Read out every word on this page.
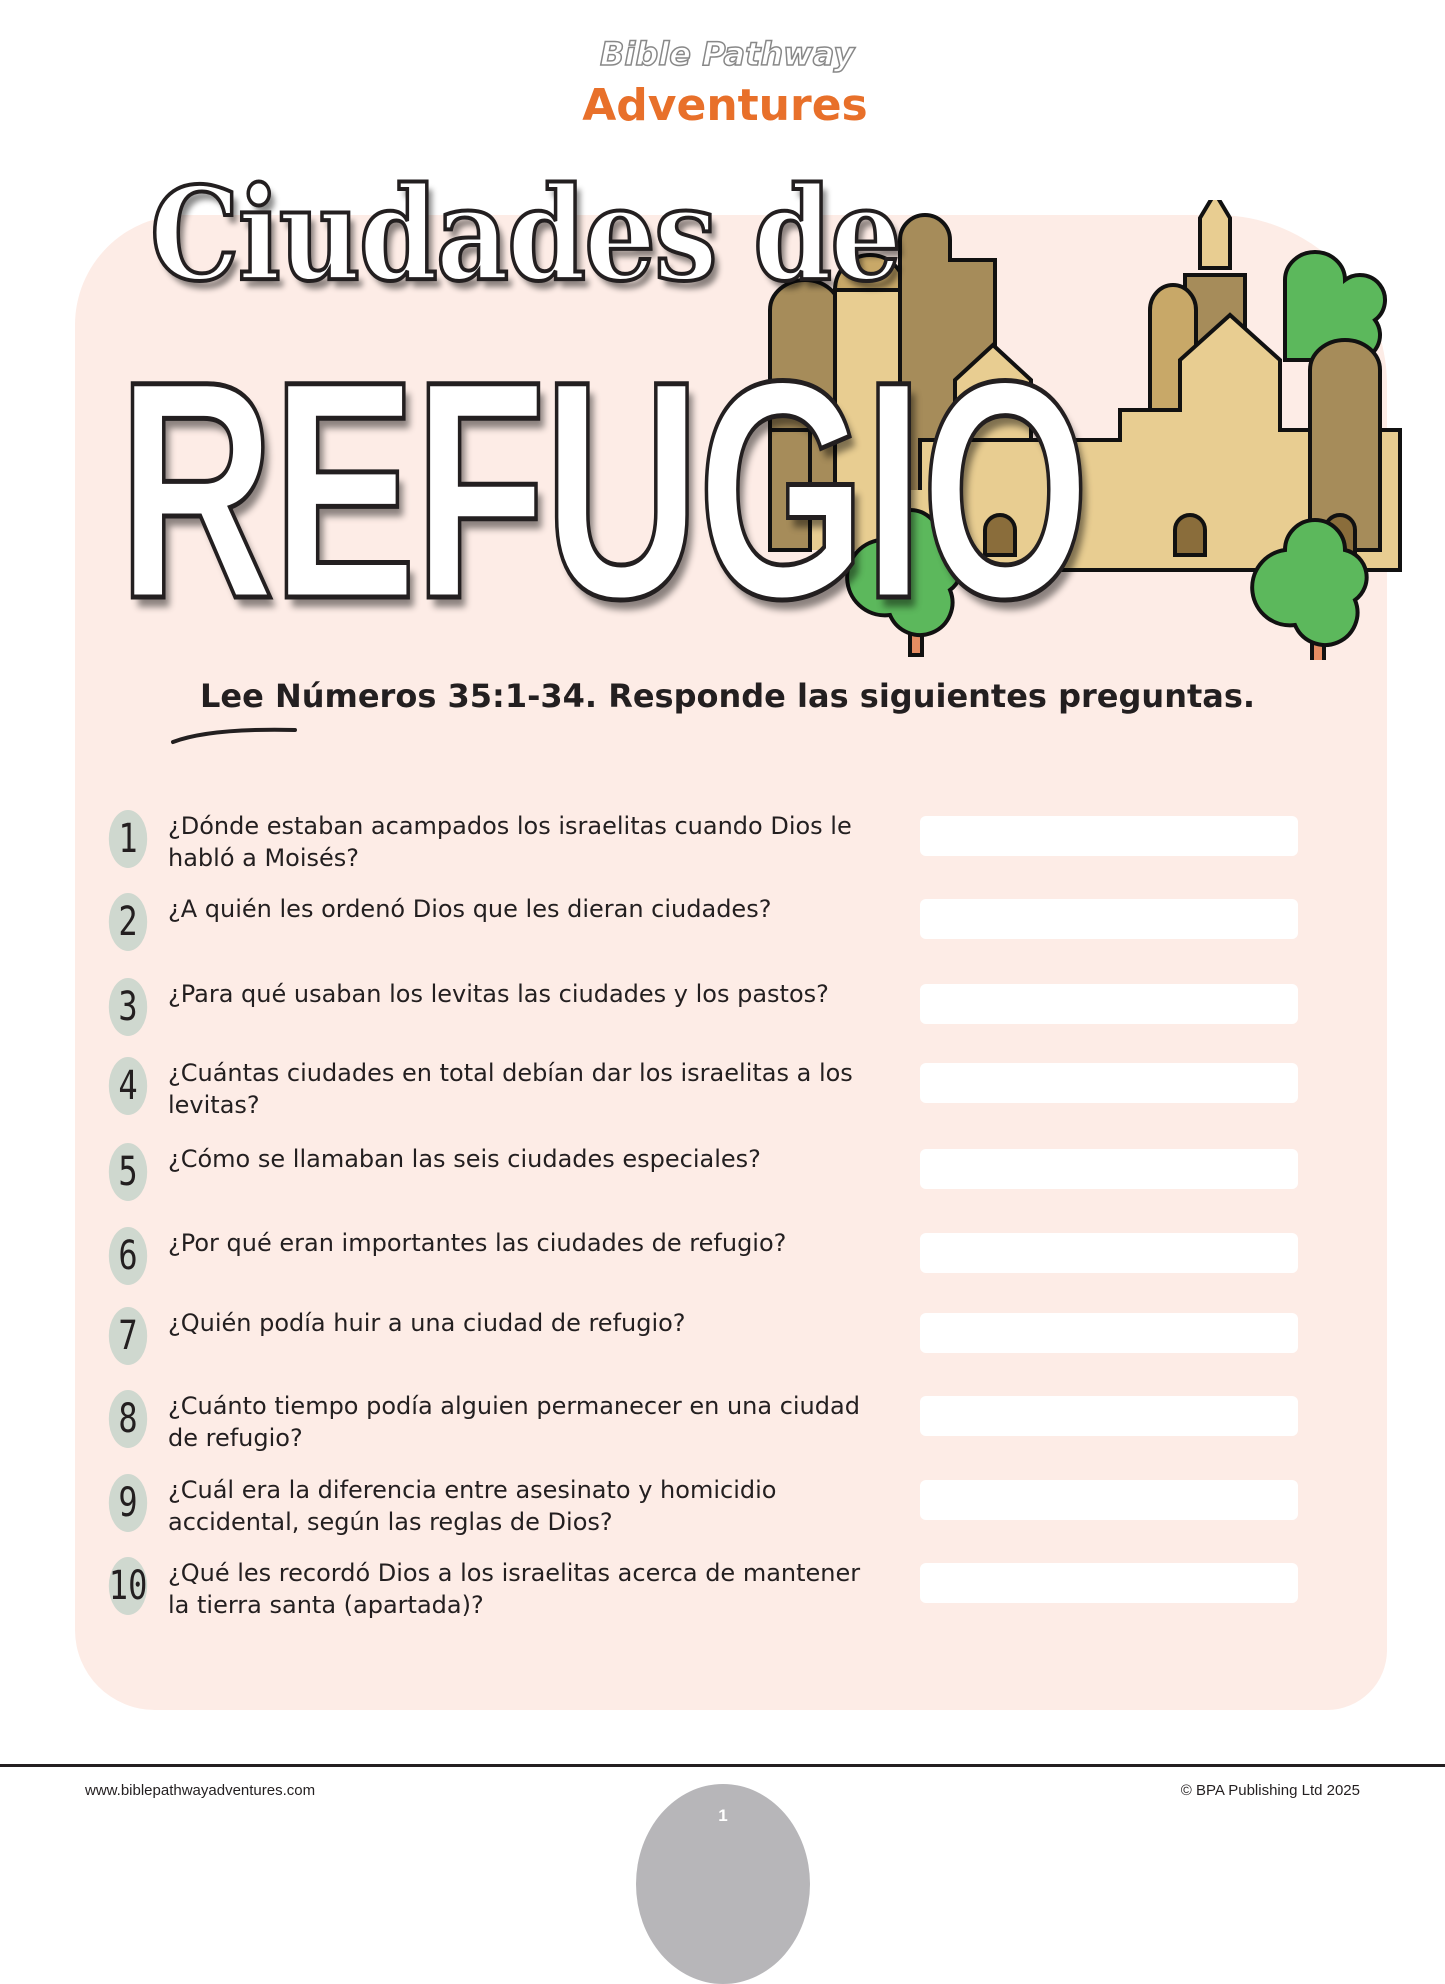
Bible Pathway
Adventures
Ciudades de
REFUGIO
Lee Números 35:1-34. Responde las siguientes preguntas.
1	¿Dónde estaban acampados los israelitas cuando Dios le habló a Moisés?
2	¿A quién les ordenó Dios que les dieran ciudades?
3	¿Para qué usaban los levitas las ciudades y los pastos?
4	¿Cuántas ciudades en total debían dar los israelitas a los levitas?
5	¿Cómo se llamaban las seis ciudades especiales?
6	¿Por qué eran importantes las ciudades de refugio?
7	¿Quién podía huir a una ciudad de refugio?
8	¿Cuánto tiempo podía alguien permanecer en una ciudad de refugio?
9	¿Cuál era la diferencia entre asesinato y homicidio accidental, según las reglas de Dios?
10 ¿Qué les recordó Dios a los israelitas acerca de mantener la tierra santa (apartada)?
www.biblepathwayadventures.com	© BPA Publishing Ltd 2025
1
